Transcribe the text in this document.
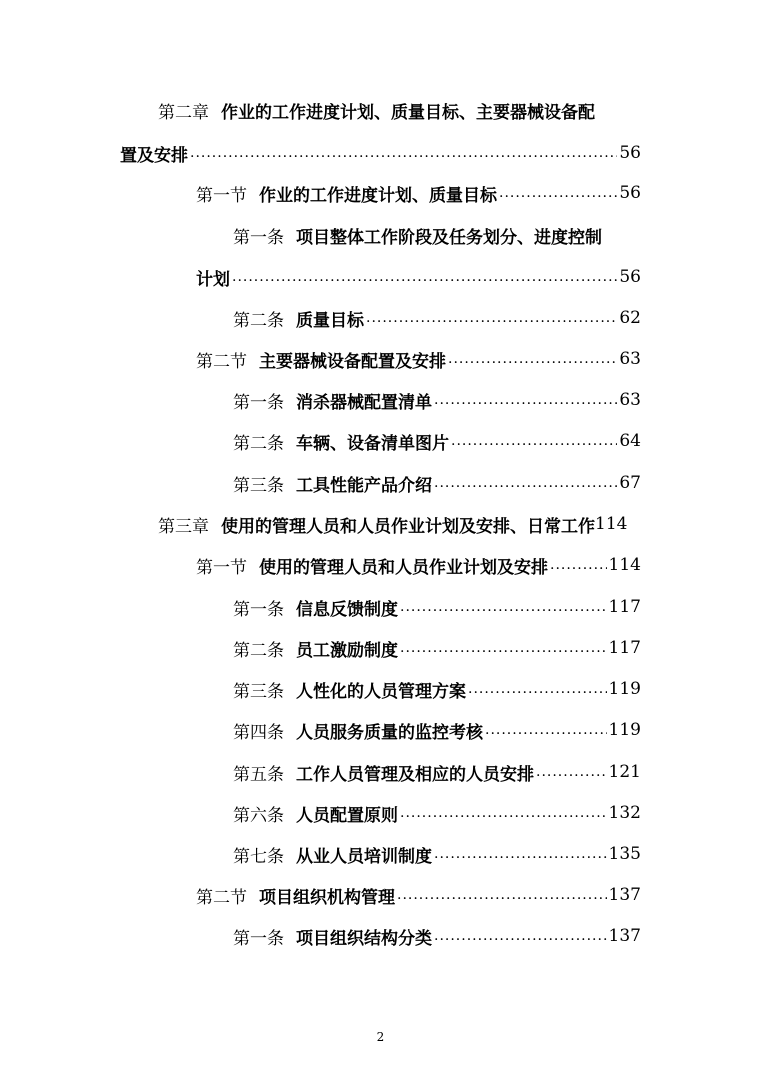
第二章 作业的工作进度计划、质量目标、主要器械设备配
置及安排 .....	56
第一节 作业的工作进度计划、质量目标 .....	56
第一条 项目整体工作阶段及任务划分、进度控制
计划 .....	56
第二条 质量目标 .....	62
第二节 主要器械设备配置及安排 .....	63
第一条 消杀器械配置清单 .....	63
第二条 车辆、设备清单图片 .....	64
第三条 工具性能产品介绍 .....	67
第三章 使用的管理人员和人员作业计划及安排、日常工作 114
第一节 使用的管理人员和人员作业计划及安排 .....	114
第一条 信息反馈制度 .....	117
第二条 员工激励制度 .....	117
第三条 人性化的人员管理方案 .....	119
第四条 人员服务质量的监控考核 .....	119
第五条 工作人员管理及相应的人员安排 .....	121
第六条 人员配置原则 .....	132
第七条 从业人员培训制度 .....	135
第二节 项目组织机构管理 .....	137
第一条 项目组织结构分类 .....	137
2
